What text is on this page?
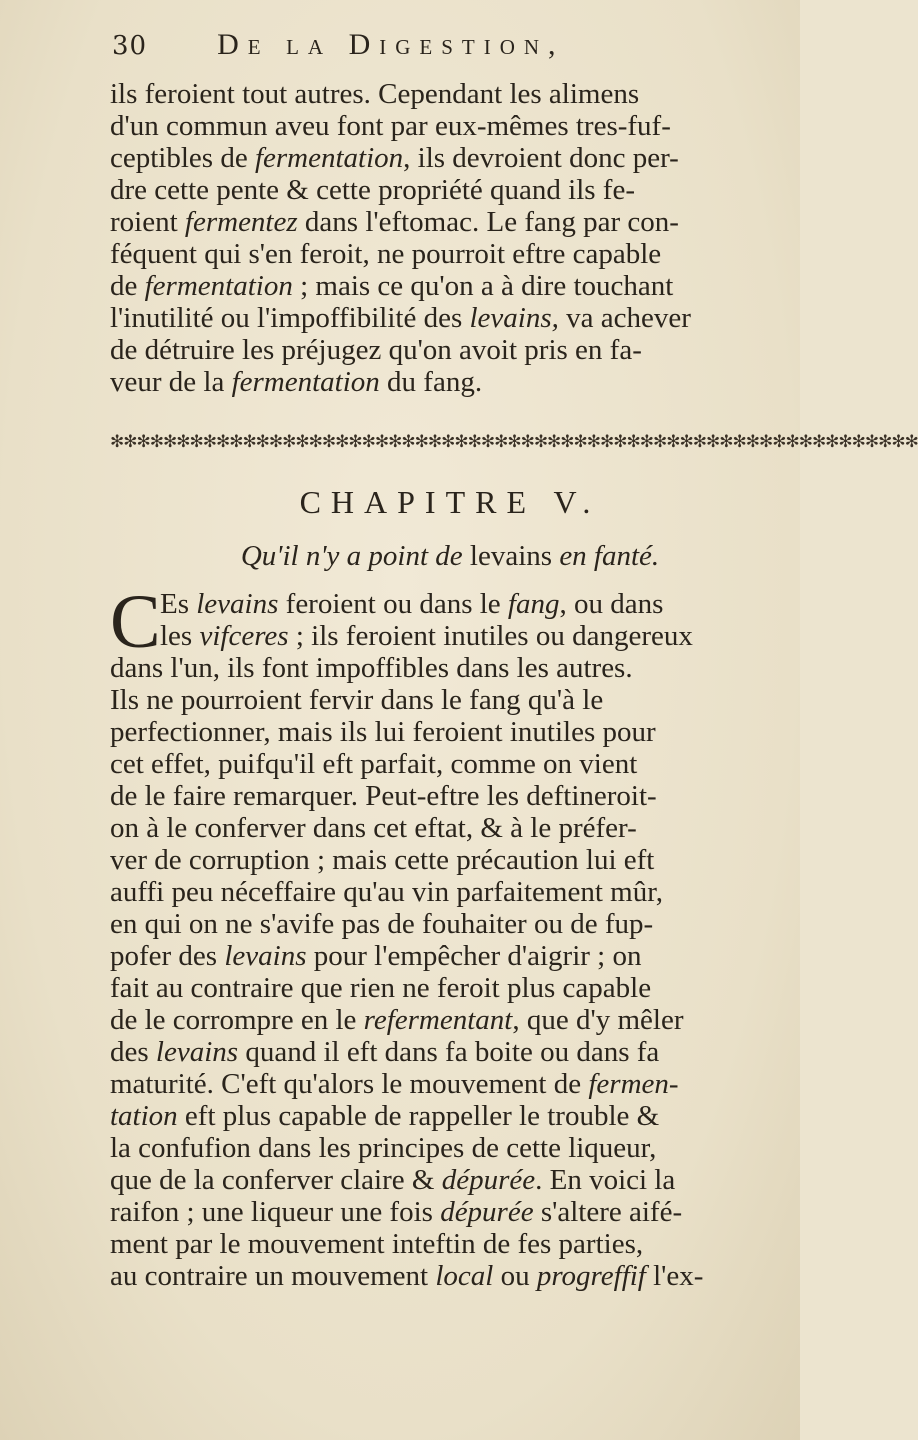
30 De la Digestion,

ils feroient tout autres. Cependant les alimens
d'un commun aveu font par eux-mêmes tres-fuf-
ceptibles de fermentation, ils devroient donc per-
dre cette pente & cette propriété quand ils fe-
roient fermentez dans l'eftomac. Le fang par con-
féquent qui s'en feroit, ne pourroit eftre capable
de fermentation ; mais ce qu'on a à dire touchant
l'inutilité ou l'impoffibilité des levains, va achever
de détruire les préjugez qu'on avoit pris en fa-
veur de la fermentation du fang.

✻✻✻✻✻✻✻✻✻✻✻✻✻✻✻✻✻✻✻✻✻✻✻✻✻✻✻✻✻✻✻✻✻✻✻✻✻✻✻✻✻✻✻✻✻✻✻✻✻✻✻✻✻✻✻✻✻✻✻✻✻
CHAPITRE V.
Qu'il n'y a point de levains en fanté.
C Es levains feroient ou dans le fang, ou dans
les vifceres ; ils feroient inutiles ou dangereux

dans l'un, ils font impoffibles dans les autres.
Ils ne pourroient fervir dans le fang qu'à le
perfectionner, mais ils lui feroient inutiles pour
cet effet, puifqu'il eft parfait, comme on vient
de le faire remarquer. Peut-eftre les deftineroit-
on à le conferver dans cet eftat, & à le préfer-
ver de corruption ; mais cette précaution lui eft
auffi peu néceffaire qu'au vin parfaitement mûr,
en qui on ne s'avife pas de fouhaiter ou de fup-
pofer des levains pour l'empêcher d'aigrir ; on
fait au contraire que rien ne feroit plus capable
de le corrompre en le refermentant, que d'y mêler
des levains quand il eft dans fa boite ou dans fa
maturité. C'eft qu'alors le mouvement de fermen-
tation eft plus capable de rappeller le trouble &
la confufion dans les principes de cette liqueur,
que de la conferver claire & dépurée. En voici la
raifon ; une liqueur une fois dépurée s'altere aifé-
ment par le mouvement inteftin de fes parties,
au contraire un mouvement local ou progreffif l'ex-
